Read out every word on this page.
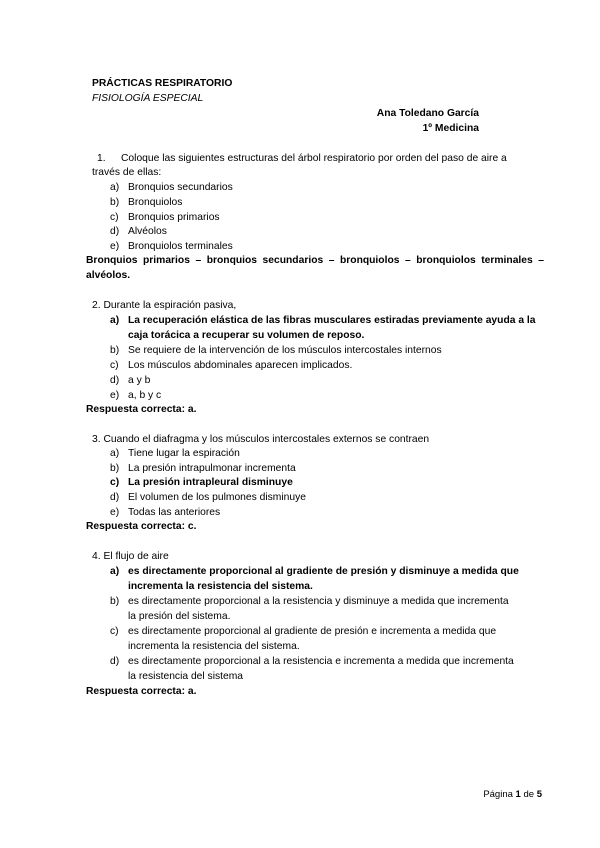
PRÁCTICAS RESPIRATORIO
FISIOLOGÍA ESPECIAL
Ana Toledano García
1º Medicina
1. Coloque las siguientes estructuras del árbol respiratorio por orden del paso de aire a
través de ellas:
a) Bronquios secundarios
b) Bronquiolos
c) Bronquios primarios
d) Alvéolos
e) Bronquiolos terminales
Bronquios primarios – bronquios secundarios – bronquiolos – bronquiolos terminales – alvéolos.
2. Durante la espiración pasiva,
a) La recuperación elástica de las fibras musculares estiradas previamente ayuda a la
caja torácica a recuperar su volumen de reposo.
b) Se requiere de la intervención de los músculos intercostales internos
c) Los músculos abdominales aparecen implicados.
d) a y b
e) a, b y c
Respuesta correcta: a.
3. Cuando el diafragma y los músculos intercostales externos se contraen
a) Tiene lugar la espiración
b) La presión intrapulmonar incrementa
c) La presión intrapleural disminuye
d) El volumen de los pulmones disminuye
e) Todas las anteriores
Respuesta correcta: c.
4. El flujo de aire
a) es directamente proporcional al gradiente de presión y disminuye a medida que
incrementa la resistencia del sistema.
b) es directamente proporcional a la resistencia y disminuye a medida que incrementa
la presión del sistema.
c) es directamente proporcional al gradiente de presión e incrementa a medida que
incrementa la resistencia del sistema.
d) es directamente proporcional a la resistencia e incrementa a medida que incrementa
la resistencia del sistema
Respuesta correcta: a.
Página 1 de 5
